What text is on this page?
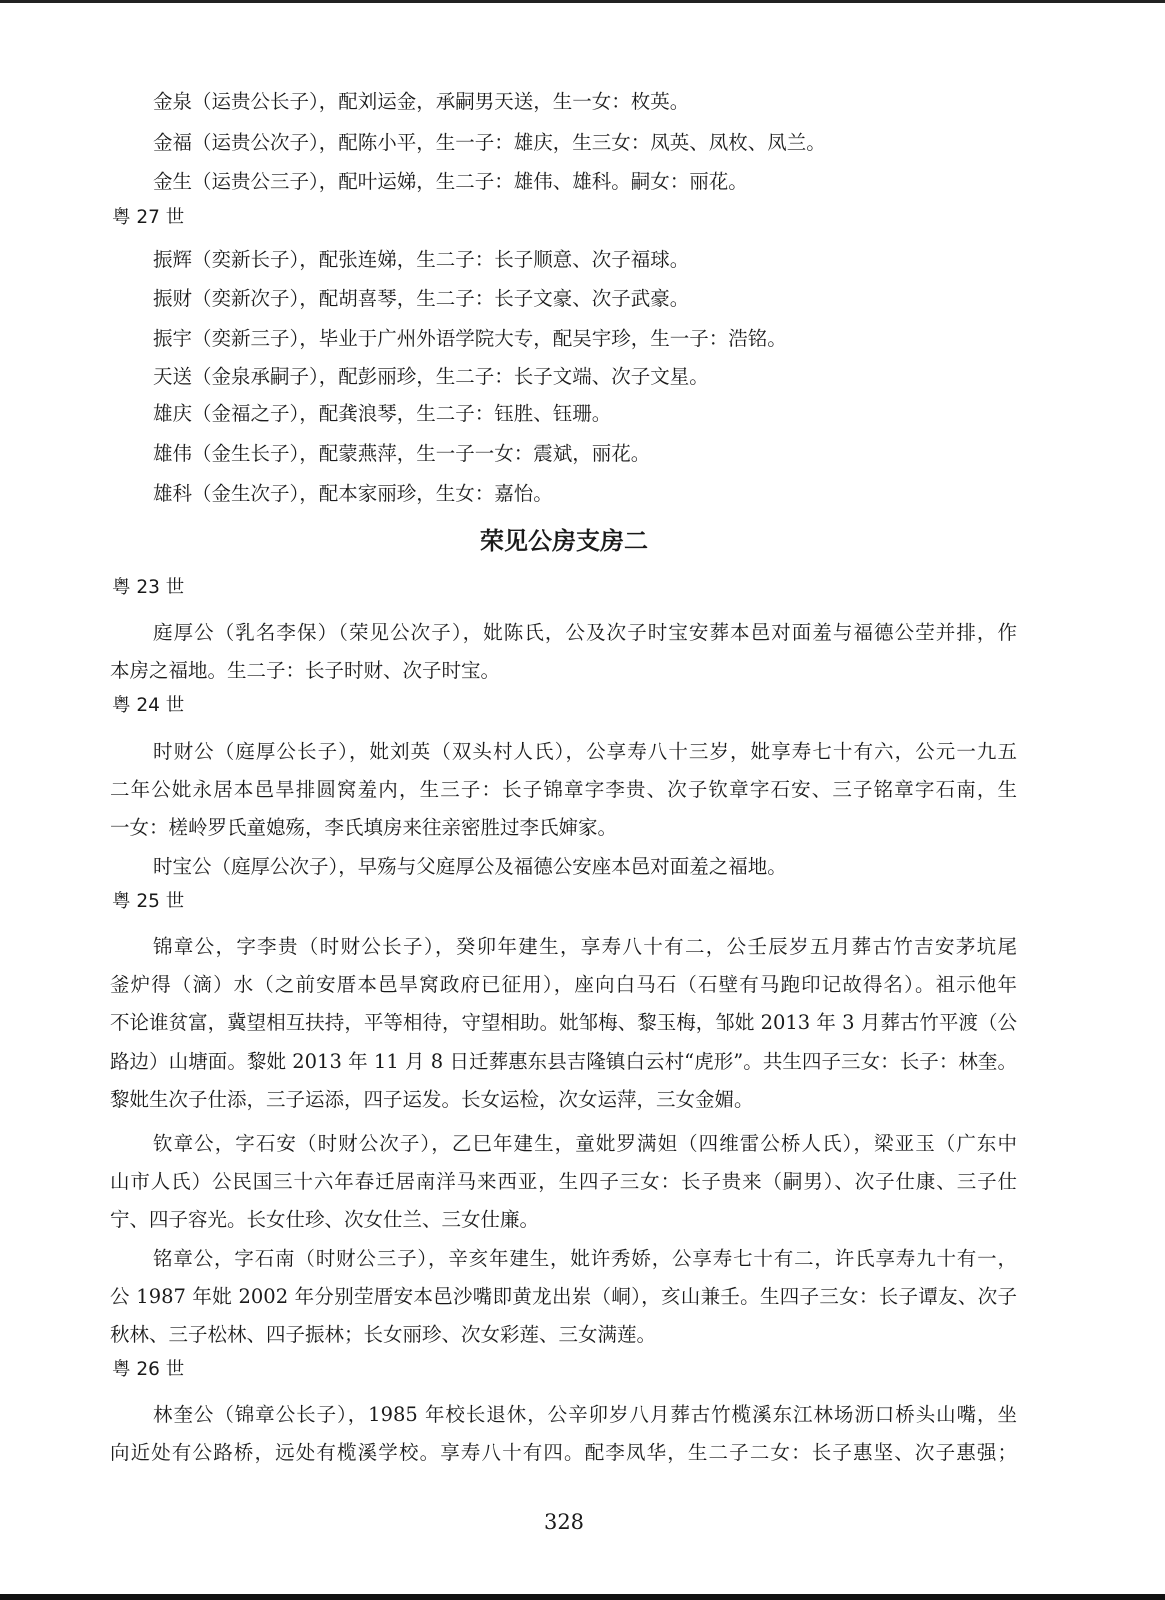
金泉（运贵公长子），配刘运金，承嗣男天送，生一女：枚英。
金福（运贵公次子），配陈小平，生一子：雄庆，生三女：凤英、凤枚、凤兰。
金生（运贵公三子），配叶运娣，生二子：雄伟、雄科。嗣女：丽花。
粤 27 世
振辉（奕新长子），配张连娣，生二子：长子顺意、次子福球。
振财（奕新次子），配胡喜琴，生二子：长子文豪、次子武豪。
振宇（奕新三子），毕业于广州外语学院大专，配吴宇珍，生一子：浩铭。
天送（金泉承嗣子），配彭丽珍，生二子：长子文端、次子文星。
雄庆（金福之子），配龚浪琴，生二子：钰胜、钰珊。
雄伟（金生长子），配蒙燕萍，生一子一女：震斌，丽花。
雄科（金生次子），配本家丽珍，生女：嘉怡。
荣见公房支房二
粤 23 世
庭厚公（乳名李保）（荣见公次子），妣陈氏，公及次子时宝安葬本邑对面羞与福德公茔并排，作
本房之福地。生二子：长子时财、次子时宝。
粤 24 世
时财公（庭厚公长子），妣刘英（双头村人氏），公享寿八十三岁，妣享寿七十有六，公元一九五
二年公妣永居本邑旱排圆窝羞内，生三子：长子锦章字李贵、次子钦章字石安、三子铭章字石南，生
一女：槎岭罗氏童媳殇，李氏填房来往亲密胜过李氏婶家。
时宝公（庭厚公次子），早殇与父庭厚公及福德公安座本邑对面羞之福地。
粤 25 世
锦章公，字李贵（时财公长子），癸卯年建生，享寿八十有二，公壬辰岁五月葬古竹吉安茅坑尾
釜炉得（滴）水（之前安厝本邑旱窝政府已征用），座向白马石（石壁有马跑印记故得名）。祖示他年
不论谁贫富，冀望相互扶持，平等相待，守望相助。妣邹梅、黎玉梅，邹妣 2013 年 3 月葬古竹平渡（公
路边）山塘面。黎妣 2013 年 11 月 8 日迁葬惠东县吉隆镇白云村“虎形”。共生四子三女：长子：林奎。
黎妣生次子仕添，三子运添，四子运发。长女运检，次女运萍，三女金媚。
钦章公，字石安（时财公次子），乙巳年建生，童妣罗满妲（四维雷公桥人氏），梁亚玉（广东中
山市人氏）公民国三十六年春迁居南洋马来西亚，生四子三女：长子贵来（嗣男）、次子仕康、三子仕
宁、四子容光。长女仕珍、次女仕兰、三女仕廉。
铭章公，字石南（时财公三子），辛亥年建生，妣许秀娇，公享寿七十有二，许氏享寿九十有一，
公 1987 年妣 2002 年分别茔厝安本邑沙嘴即黄龙出岽（峒），亥山兼壬。生四子三女：长子谭友、次子
秋林、三子松林、四子振林；长女丽珍、次女彩莲、三女满莲。
粤 26 世
林奎公（锦章公长子），1985 年校长退休，公辛卯岁八月葬古竹榄溪东江林场沥口桥头山嘴，坐
向近处有公路桥，远处有榄溪学校。享寿八十有四。配李凤华，生二子二女：长子惠坚、次子惠强；
328
